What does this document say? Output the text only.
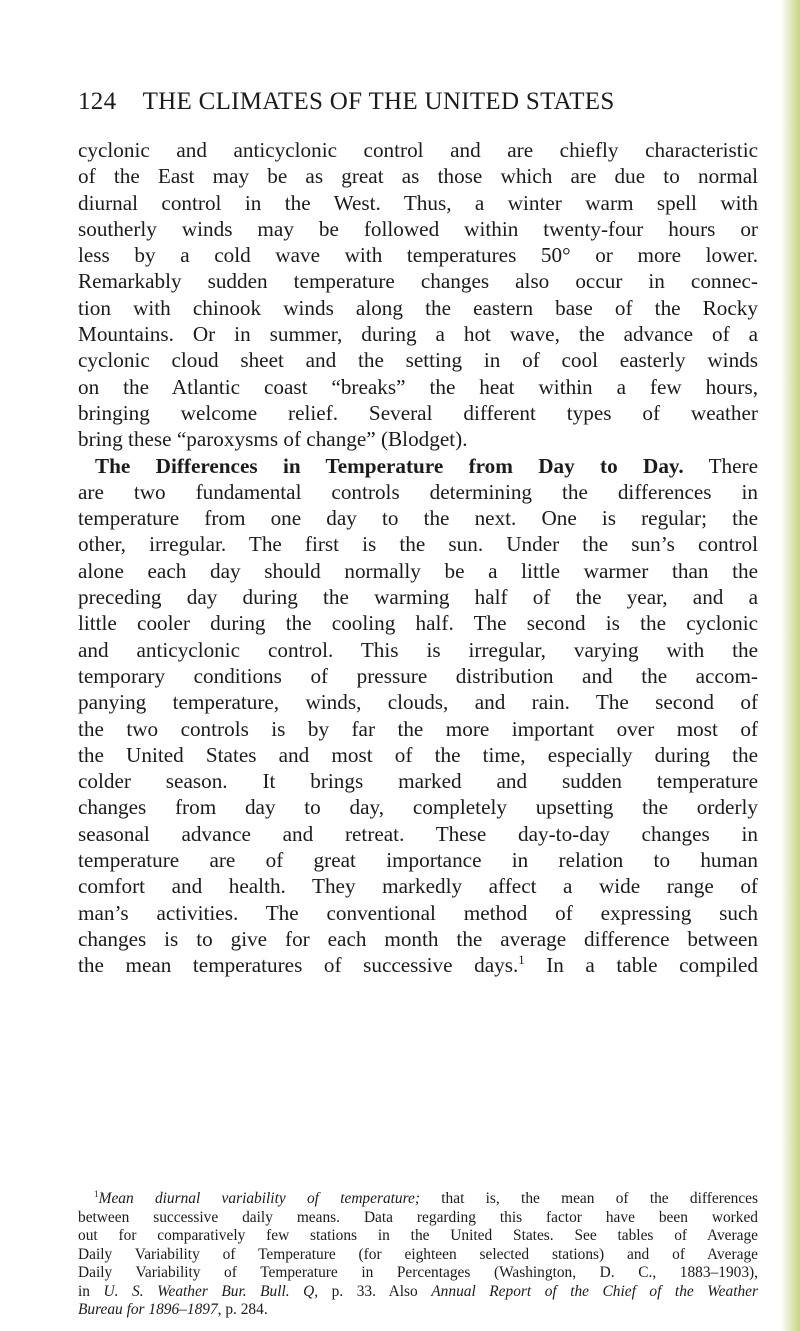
124 THE CLIMATES OF THE UNITED STATES
cyclonic and anticyclonic control and are chiefly characteristic
of the East may be as great as those which are due to normal
diurnal control in the West. Thus, a winter warm spell with
southerly winds may be followed within twenty-four hours or
less by a cold wave with temperatures 50° or more lower.
Remarkably sudden temperature changes also occur in connec-
tion with chinook winds along the eastern base of the Rocky
Mountains. Or in summer, during a hot wave, the advance of a
cyclonic cloud sheet and the setting in of cool easterly winds
on the Atlantic coast “breaks” the heat within a few hours,
bringing welcome relief. Several different types of weather
bring these “paroxysms of change” (Blodget).
The Differences in Temperature from Day to Day. There
are two fundamental controls determining the differences in
temperature from one day to the next. One is regular; the
other, irregular. The first is the sun. Under the sun’s control
alone each day should normally be a little warmer than the
preceding day during the warming half of the year, and a
little cooler during the cooling half. The second is the cyclonic
and anticyclonic control. This is irregular, varying with the
temporary conditions of pressure distribution and the accom-
panying temperature, winds, clouds, and rain. The second of
the two controls is by far the more important over most of
the United States and most of the time, especially during the
colder season. It brings marked and sudden temperature
changes from day to day, completely upsetting the orderly
seasonal advance and retreat. These day-to-day changes in
temperature are of great importance in relation to human
comfort and health. They markedly affect a wide range of
man’s activities. The conventional method of expressing such
changes is to give for each month the average difference between
the mean temperatures of successive days.$^1$ In a table compiled
$^1$Mean diurnal variability of temperature; that is, the mean of the differences
between successive daily means. Data regarding this factor have been worked
out for comparatively few stations in the United States. See tables of Average
Daily Variability of Temperature (for eighteen selected stations) and of Average
Daily Variability of Temperature in Percentages (Washington, D. C., 1883–1903),
in U. S. Weather Bur. Bull. Q, p. 33. Also Annual Report of the Chief of the Weather
Bureau for 1896–1897, p. 284.
